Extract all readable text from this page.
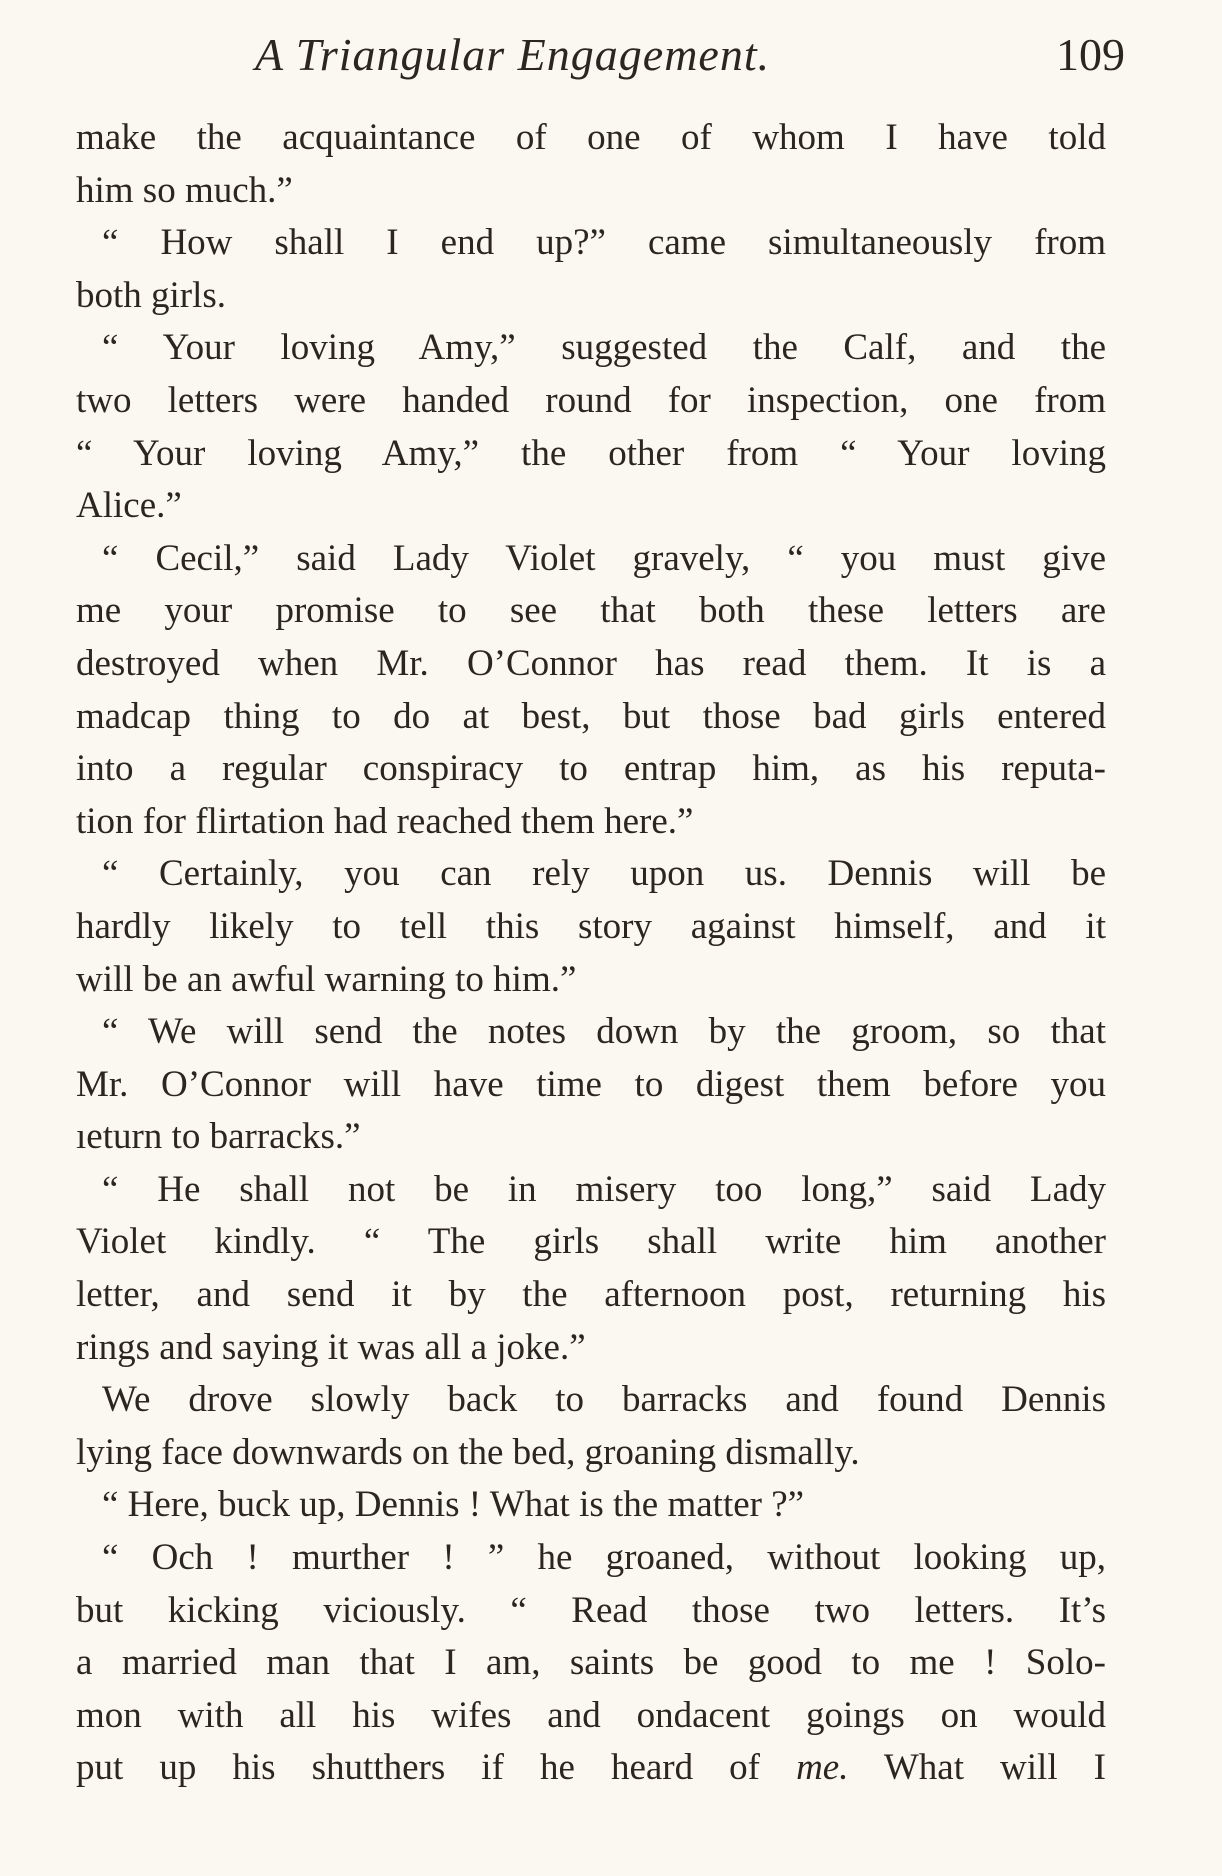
A Triangular Engagement.	109
make the acquaintance of one of whom I have told
him so much.”
“ How shall I end up?” came simultaneously from
both girls.
“ Your loving Amy,” suggested the Calf, and the
two letters were handed round for inspection, one from
“ Your loving Amy,” the other from “ Your loving
Alice.”
“ Cecil,” said Lady Violet gravely, “ you must give
me your promise to see that both these letters are
destroyed when Mr. O’Connor has read them. It is a
madcap thing to do at best, but those bad girls entered
into a regular conspiracy to entrap him, as his reputa-
tion for flirtation had reached them here.”
“ Certainly, you can rely upon us. Dennis will be
hardly likely to tell this story against himself, and it
will be an awful warning to him.”
“ We will send the notes down by the groom, so that
Mr. O’Connor will have time to digest them before you
ıeturn to barracks.”
“ He shall not be in misery too long,” said Lady
Violet kindly. “ The girls shall write him another
letter, and send it by the afternoon post, returning his
rings and saying it was all a joke.”
We drove slowly back to barracks and found Dennis
lying face downwards on the bed, groaning dismally.
“ Here, buck up, Dennis ! What is the matter ?”
“ Och ! murther ! ” he groaned, without looking up,
but kicking viciously. “ Read those two letters. It’s
a married man that I am, saints be good to me ! Solo-
mon with all his wifes and ondacent goings on would
put up his shutthers if he heard of me. What will I
